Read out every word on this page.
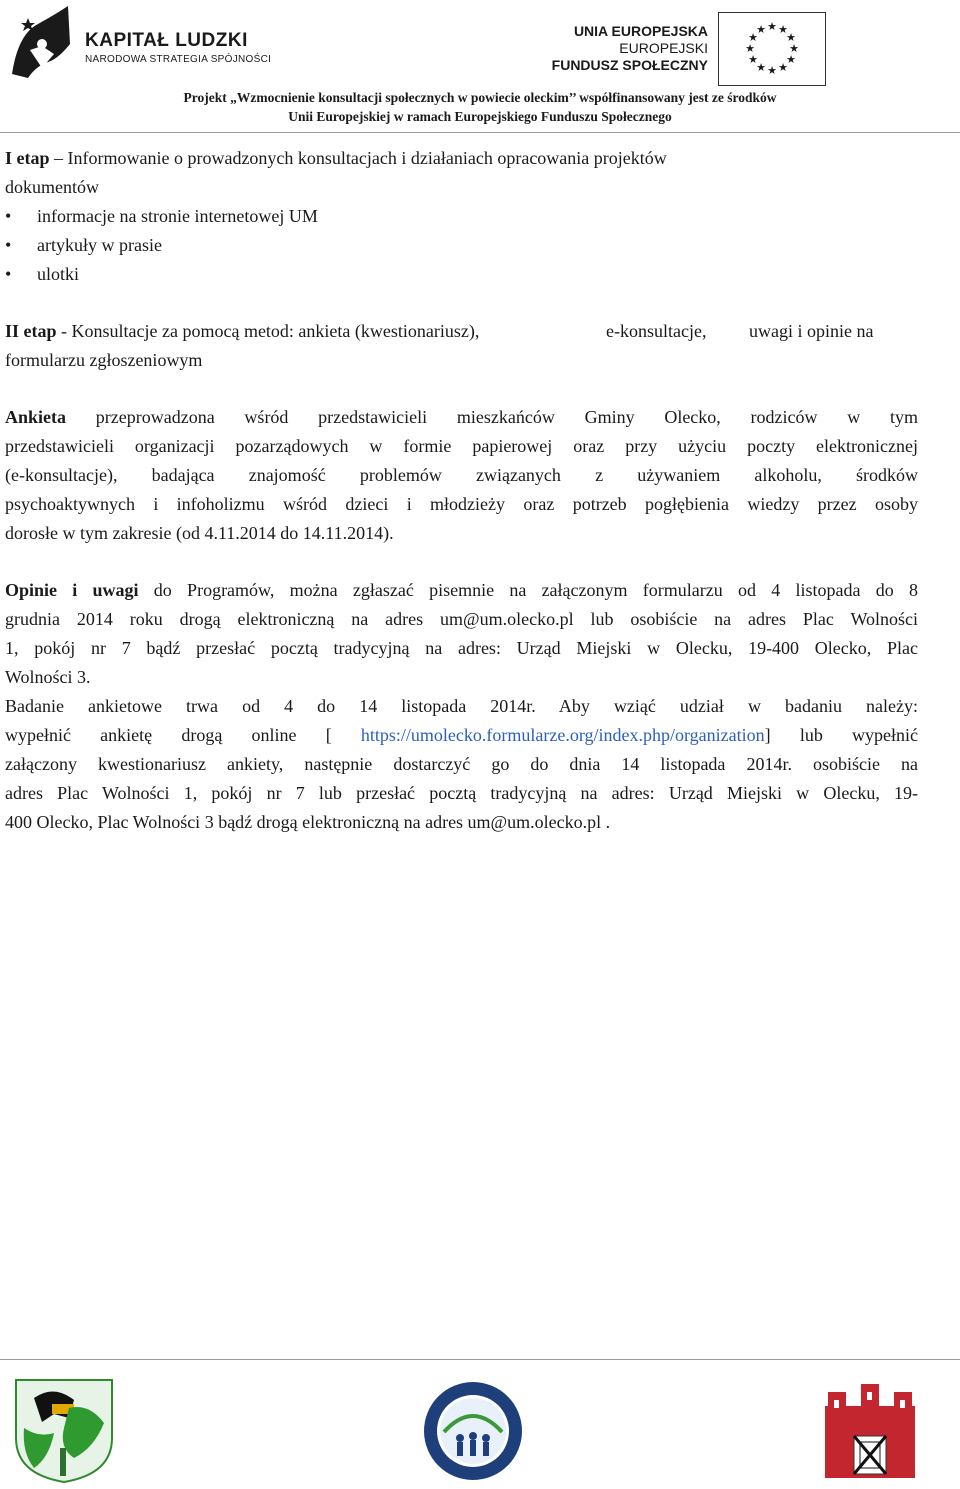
KAPITAŁ LUDZKI
NARODOWA STRATEGIA SPÓJNOŚCI
UNIA EUROPEJSKA
EUROPEJSKI
FUNDUSZ SPOŁECZNY
★ ★
★
★
★
★
★
★
★
★
★
★
Projekt „Wzmocnienie konsultacji społecznych w powiecie oleckim’’ współfinansowany jest ze środków
Unii Europejskiej w ramach Europejskiego Funduszu Społecznego
I etap – Informowanie o prowadzonych konsultacjach i działaniach opracowania projektów
dokumentów
• informacje na stronie internetowej UM
• artykuły w prasie
• ulotki
II etap - Konsultacje za pomocą metod: ankieta (kwestionariusz),	e-konsultacje, uwagi i opinie na
formularzu zgłoszeniowym
Ankieta przeprowadzona wśród przedstawicieli mieszkańców Gminy Olecko, rodziców w tym
przedstawicieli organizacji pozarządowych w formie papierowej oraz przy użyciu poczty elektronicznej
(e-konsultacje), badająca znajomość problemów związanych z używaniem alkoholu, środków
psychoaktywnych i infoholizmu wśród dzieci i młodzieży oraz potrzeb pogłębienia wiedzy przez osoby
dorosłe w tym zakresie (od 4.11.2014 do 14.11.2014).
Opinie i uwagi do Programów, można zgłaszać pisemnie na załączonym formularzu od 4 listopada do 8
grudnia 2014 roku drogą elektroniczną na adres um@um.olecko.pl lub osobiście na adres Plac Wolności
1, pokój nr 7 bądź przesłać pocztą tradycyjną na adres: Urząd Miejski w Olecku, 19-400 Olecko, Plac
Wolności 3.
Badanie ankietowe trwa od 4 do 14 listopada 2014r. Aby wziąć udział w badaniu należy:
wypełnić ankietę drogą online [ https://umolecko.formularze.org/index.php/organization] lub wypełnić
załączony kwestionariusz ankiety, następnie dostarczyć go do dnia 14 listopada 2014r. osobiście na
adres Plac Wolności 1, pokój nr 7 lub przesłać pocztą tradycyjną na adres: Urząd Miejski w Olecku, 19-
400 Olecko, Plac Wolności 3 bądź drogą elektroniczną na adres um@um.olecko.pl .
